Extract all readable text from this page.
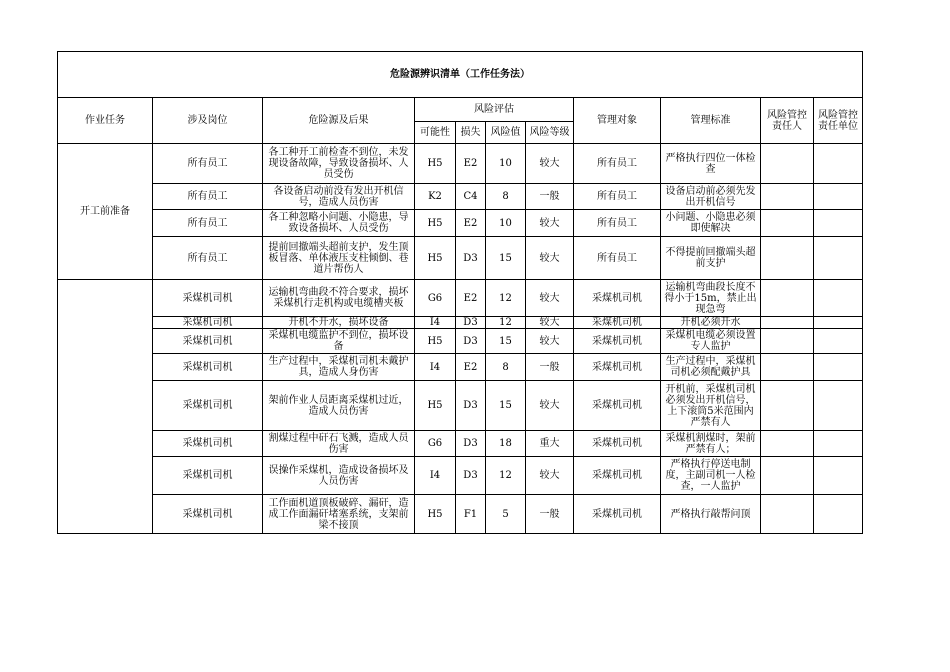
危险源辨识清单（工作任务法）										
作业任务	涉及岗位	危险源及后果	风险评估				管理对象	管理标准	风险管控责任人	风险管控责任单位
			可能性	损失	风险值	风险等级				
开工前准备	所有员工	各工种开工前检查不到位，未发现设备故障，导致设备损坏、人员受伤	H5	E2	10	较大	所有员工	严格执行四位一体检查		
	所有员工	各设备启动前没有发出开机信号，造成人员伤害	K2	C4	8	一般	所有员工	设备启动前必须先发出开机信号		
	所有员工	各工种忽略小问题、小隐患，导致设备损坏、人员受伤	H5	E2	10	较大	所有员工	小问题、小隐患必须即使解决		
	所有员工	提前回撤端头超前支护，发生顶板冒落、单体液压支柱倾倒、巷道片帮伤人	H5	D3	15	较大	所有员工	不得提前回撤端头超前支护		
	采煤机司机	运输机弯曲段不符合要求，损坏采煤机行走机构或电缆槽夹板	G6	E2	12	较大	采煤机司机	运输机弯曲段长度不得小于15m，禁止出现急弯		
	采煤机司机	开机不开水，损坏设备	I4	D3	12	较大	采煤机司机	开机必须开水		
	采煤机司机	采煤机电缆监护不到位，损坏设备	H5	D3	15	较大	采煤机司机	采煤机电缆必须设置专人监护		
	采煤机司机	生产过程中，采煤机司机未戴护具，造成人身伤害	I4	E2	8	一般	采煤机司机	生产过程中，采煤机司机必须配戴护具		
	采煤机司机	架前作业人员距离采煤机过近，造成人员伤害	H5	D3	15	较大	采煤机司机	开机前，采煤机司机必须发出开机信号，上下滚筒5米范围内严禁有人		
	采煤机司机	割煤过程中矸石飞溅，造成人员伤害	G6	D3	18	重大	采煤机司机	采煤机割煤时，架前严禁有人；		
	采煤机司机	误操作采煤机，造成设备损坏及人员伤害	I4	D3	12	较大	采煤机司机	严格执行停送电制度，主副司机一人检查，一人监护		
	采煤机司机	工作面机道顶板破碎、漏矸，造成工作面漏矸堵塞系统，支架前梁不接顶	H5	F1	5	一般	采煤机司机	严格执行敲帮问顶		
